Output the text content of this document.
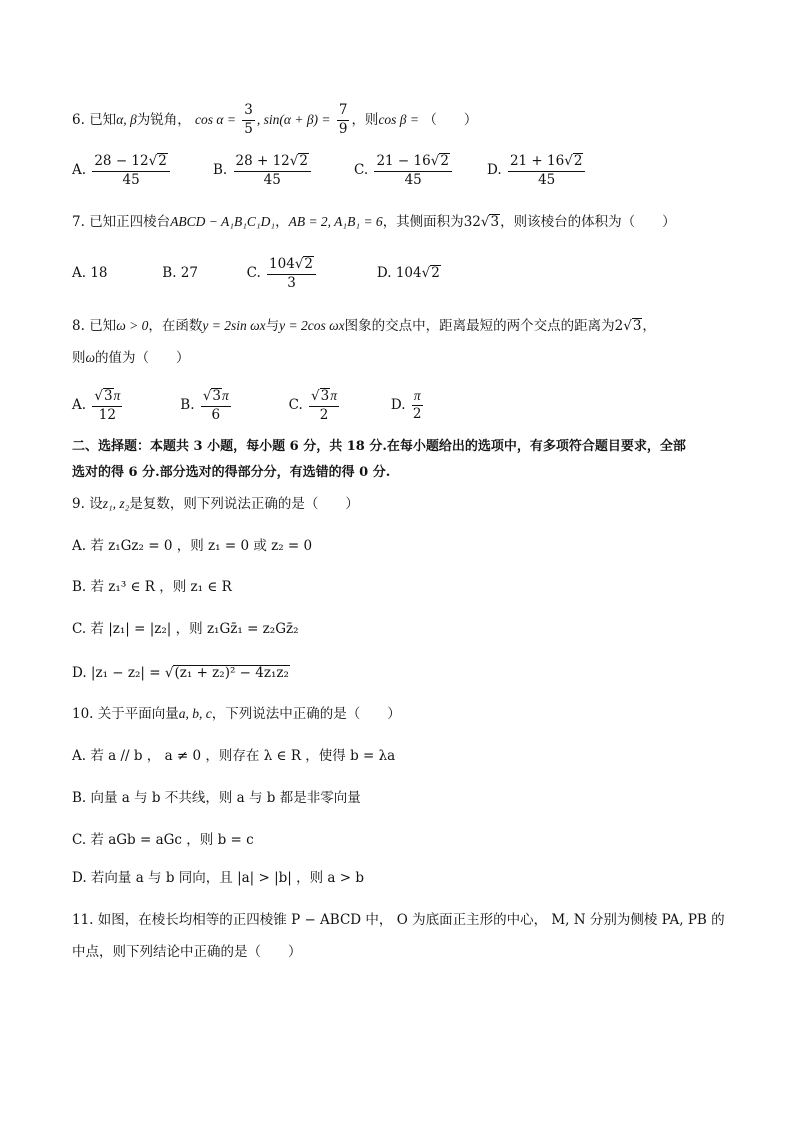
6. 已知α, β为锐角， $\cos \alpha = \frac{3}{5}$ , $\sin(\alpha + \beta) = \frac{7}{9}$ ，则cos β = （　　）
A. $\frac{28 - 12√2}{45}$	B. $\frac{28 + 12√2}{45}$	C. $\frac{21 - 16√2}{45}$	D. $\frac{21 + 16√2}{45}$
7. 已知正四棱台ABCD − A₁B₁C₁D₁，AB = 2, A₁B₁ = 6，其侧面积为32√3，则该棱台的体积为（　　）
A. 18	B. 27	C. $\frac{104√2}{3}$	D. 104√2
8. 已知ω > 0，在函数y = 2sin ωx与y = 2cos ωx图象的交点中，距离最短的两个交点的距离为2√3，
则ω的值为（　　）
A. $\frac{√3\pi}{12}$	B. $\frac{√3\pi}{6}$	C. $\frac{√3\pi}{2}$	D. $\frac{\pi}{2}$
二、选择题：本题共 3 小题，每小题 6 分，共 18 分.在每小题给出的选项中，有多项符合题目要求，全部
选对的得 6 分.部分选对的得部分分，有选错的得 0 分.
9. 设z₁, z₂是复数，则下列说法正确的是（　　）
A. 若 z₁Gz₂ = 0 ，则 z₁ = 0 或 z₂ = 0
B. 若 z₁³ ∈ R ，则 z₁ ∈ R
C. 若 |z₁| = |z₂| ，则 z₁Gz̄₁ = z₂Gz̄₂
D. |z₁ − z₂| = √(z₁ + z₂)² − 4z₁z₂
10. 关于平面向量a, b, c，下列说法中正确的是（　　）
A. 若 a // b ， a ≠ 0 ，则存在 λ ∈ R ，使得 b = λa
B. 向量 a 与 b 不共线，则 a 与 b 都是非零向量
C. 若 aGb = aGc ，则 b = c
D. 若向量 a 与 b 同向，且 |a| > |b| ，则 a > b
11. 如图，在棱长均相等的正四棱锥 P − ABCD 中， O 为底面正主形的中心， M, N 分别为侧棱 PA, PB 的
中点，则下列结论中正确的是（　　）
